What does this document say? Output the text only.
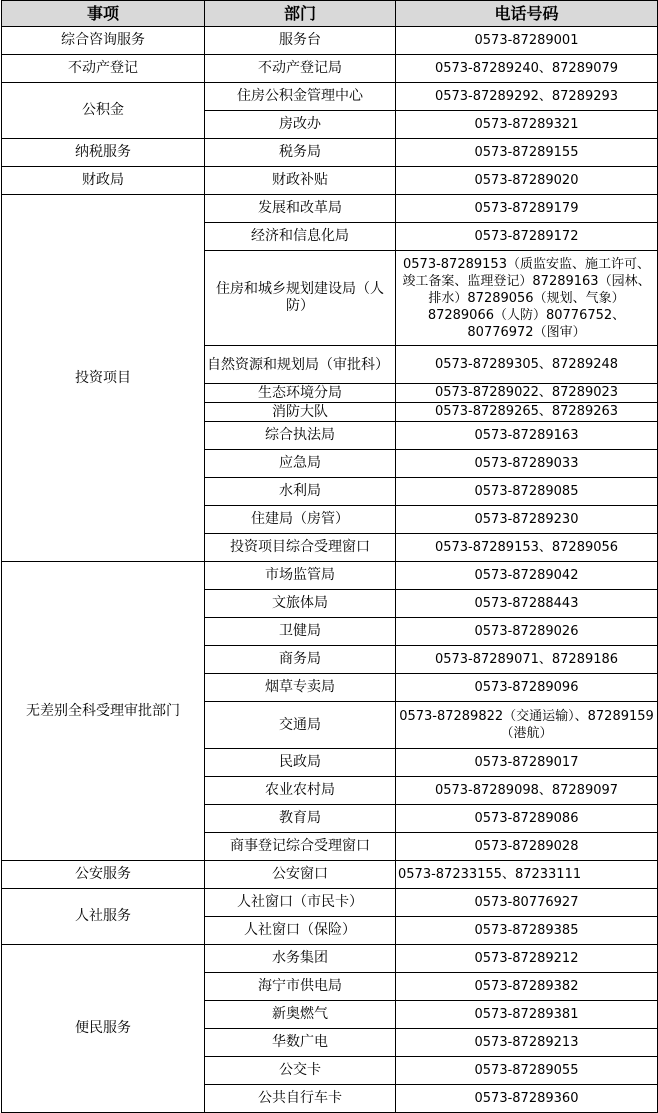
事项	部门	电话号码
综合咨询服务	服务台	0573-87289001
不动产登记	不动产登记局	0573-87289240、87289079
公积金	住房公积金管理中心	0573-87289292、87289293
	房改办	0573-87289321
纳税服务	税务局	0573-87289155
财政局	财政补贴	0573-87289020
投资项目	发展和改革局	0573-87289179
	经济和信息化局	0573-87289172
	住房和城乡规划建设局（人防）	0573-87289153（质监安监、施工许可、竣工备案、监理登记）87289163（园林、排水）87289056（规划、气象）87289066（人防）80776752、80776972（图审）
	自然资源和规划局（审批科）	0573-87289305、87289248
	生态环境分局	0573-87289022、87289023
	消防大队	0573-87289265、87289263
	综合执法局	0573-87289163
	应急局	0573-87289033
	水利局	0573-87289085
	住建局（房管）	0573-87289230
	投资项目综合受理窗口	0573-87289153、87289056
无差别全科受理审批部门	市场监管局	0573-87289042
	文旅体局	0573-87288443
	卫健局	0573-87289026
	商务局	0573-87289071、87289186
	烟草专卖局	0573-87289096
	交通局	0573-87289822（交通运输）、87289159（港航）
	民政局	0573-87289017
	农业农村局	0573-87289098、87289097
	教育局	0573-87289086
	商事登记综合受理窗口	0573-87289028
公安服务	公安窗口	0573-87233155、87233111
人社服务	人社窗口（市民卡）	0573-80776927
	人社窗口（保险）	0573-87289385
便民服务	水务集团	0573-87289212
	海宁市供电局	0573-87289382
	新奥燃气	0573-87289381
	华数广电	0573-87289213
	公交卡	0573-87289055
	公共自行车卡	0573-87289360
